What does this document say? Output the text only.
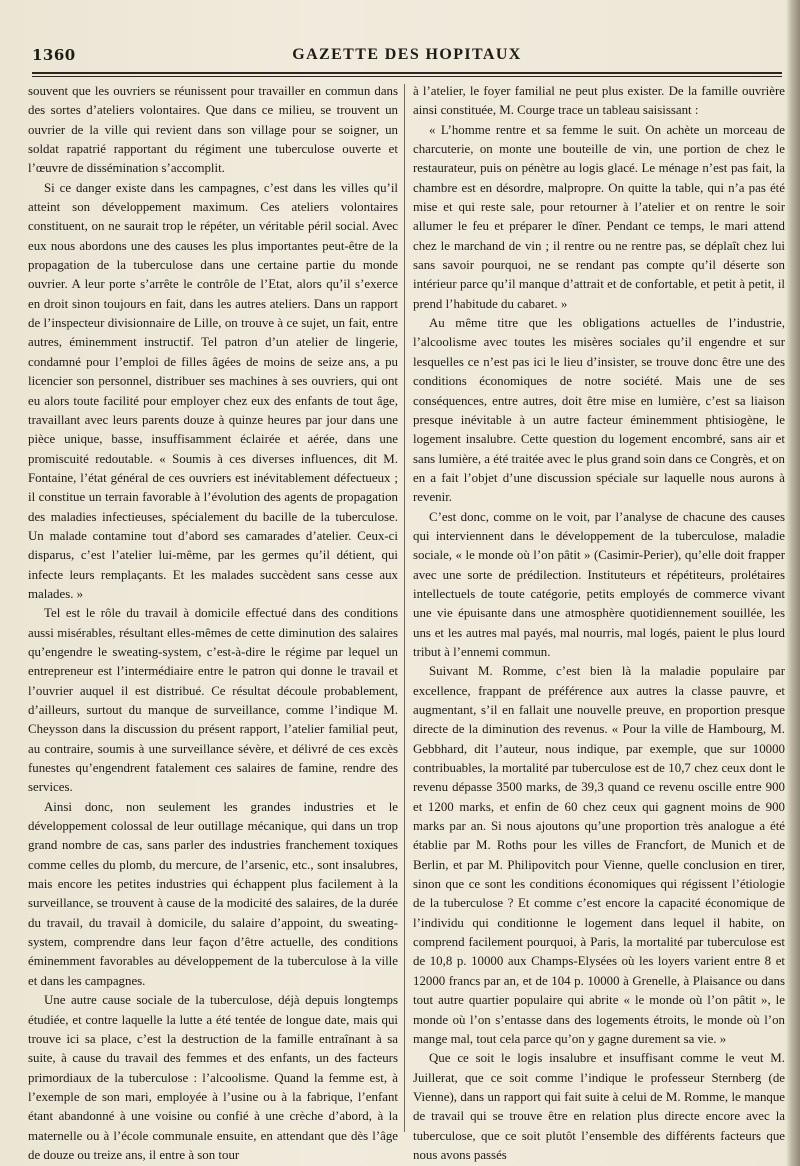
1360	GAZETTE DES HOPITAUX

souvent que les ouvriers se réunissent pour travailler en commun dans des sortes d’ateliers volontaires. Que dans ce milieu, se trouvent un ouvrier de la ville qui revient dans son village pour se soigner, un soldat rapatrié rapportant du régiment une tuberculose ouverte et l’œuvre de dissémination s’accomplit.

Si ce danger existe dans les campagnes, c’est dans les villes qu’il atteint son développement maximum. Ces ateliers volontaires constituent, on ne saurait trop le répéter, un véritable péril social. Avec eux nous abordons une des causes les plus importantes peut-être de la propagation de la tuberculose dans une certaine partie du monde ouvrier. A leur porte s’arrête le contrôle de l’Etat, alors qu’il s’exerce en droit sinon toujours en fait, dans les autres ateliers. Dans un rapport de l’inspecteur divisionnaire de Lille, on trouve à ce sujet, un fait, entre autres, éminemment instructif. Tel patron d’un atelier de lingerie, condamné pour l’emploi de filles âgées de moins de seize ans, a pu licencier son personnel, distribuer ses machines à ses ouvriers, qui ont eu alors toute facilité pour employer chez eux des enfants de tout âge, travaillant avec leurs parents douze à quinze heures par jour dans une pièce unique, basse, insuffisamment éclairée et aérée, dans une promiscuité redoutable. « Soumis à ces diverses influences, dit M. Fontaine, l’état général de ces ouvriers est inévitablement défectueux ; il constitue un terrain favorable à l’évolution des agents de propagation des maladies infectieuses, spécialement du bacille de la tuberculose. Un malade contamine tout d’abord ses camarades d’atelier. Ceux-ci disparus, c’est l’atelier lui-même, par les germes qu’il détient, qui infecte leurs remplaçants. Et les malades succèdent sans cesse aux malades. »

Tel est le rôle du travail à domicile effectué dans des conditions aussi misérables, résultant elles-mêmes de cette diminution des salaires qu’engendre le sweating-system, c’est-à-dire le régime par lequel un entrepreneur est l’intermédiaire entre le patron qui donne le travail et l’ouvrier auquel il est distribué. Ce résultat découle probablement, d’ailleurs, surtout du manque de surveillance, comme l’indique M. Cheysson dans la discussion du présent rapport, l’atelier familial peut, au contraire, soumis à une surveillance sévère, et délivré de ces excès funestes qu’engendrent fatalement ces salaires de famine, rendre des services.

Ainsi donc, non seulement les grandes industries et le développement colossal de leur outillage mécanique, qui dans un trop grand nombre de cas, sans parler des industries franchement toxiques comme celles du plomb, du mercure, de l’arsenic, etc., sont insalubres, mais encore les petites industries qui échappent plus facilement à la surveillance, se trouvent à cause de la modicité des salaires, de la durée du travail, du travail à domicile, du salaire d’appoint, du sweating-system, comprendre dans leur façon d’être actuelle, des conditions éminemment favorables au développement de la tuberculose à la ville et dans les campagnes.

Une autre cause sociale de la tuberculose, déjà depuis longtemps étudiée, et contre laquelle la lutte a été tentée de longue date, mais qui trouve ici sa place, c’est la destruction de la famille entraînant à sa suite, à cause du travail des femmes et des enfants, un des facteurs primordiaux de la tuberculose : l’alcoolisme. Quand la femme est, à l’exemple de son mari, employée à l’usine ou à la fabrique, l’enfant étant abandonné à une voisine ou confié à une crèche d’abord, à la maternelle ou à l’école communale ensuite, en attendant que dès l’âge de douze ou treize ans, il entre à son tour

à l’atelier, le foyer familial ne peut plus exister. De la famille ouvrière ainsi constituée, M. Courge trace un tableau saisissant :

« L’homme rentre et sa femme le suit. On achète un morceau de charcuterie, on monte une bouteille de vin, une portion de chez le restaurateur, puis on pénètre au logis glacé. Le ménage n’est pas fait, la chambre est en désordre, malpropre. On quitte la table, qui n’a pas été mise et qui reste sale, pour retourner à l’atelier et on rentre le soir allumer le feu et préparer le dîner. Pendant ce temps, le mari attend chez le marchand de vin ; il rentre ou ne rentre pas, se déplaît chez lui sans savoir pourquoi, ne se rendant pas compte qu’il déserte son intérieur parce qu’il manque d’attrait et de confortable, et petit à petit, il prend l’habitude du cabaret. »

Au même titre que les obligations actuelles de l’industrie, l’alcoolisme avec toutes les misères sociales qu’il engendre et sur lesquelles ce n’est pas ici le lieu d’insister, se trouve donc être une des conditions économiques de notre société. Mais une de ses conséquences, entre autres, doit être mise en lumière, c’est sa liaison presque inévitable à un autre facteur éminemment phtisiogène, le logement insalubre. Cette question du logement encombré, sans air et sans lumière, a été traitée avec le plus grand soin dans ce Congrès, et on en a fait l’objet d’une discussion spéciale sur laquelle nous aurons à revenir.

C’est donc, comme on le voit, par l’analyse de chacune des causes qui interviennent dans le développement de la tuberculose, maladie sociale, « le monde où l’on pâtit » (Casimir-Perier), qu’elle doit frapper avec une sorte de prédilection. Instituteurs et répétiteurs, prolétaires intellectuels de toute catégorie, petits employés de commerce vivant une vie épuisante dans une atmosphère quotidiennement souillée, les uns et les autres mal payés, mal nourris, mal logés, paient le plus lourd tribut à l’ennemi commun.

Suivant M. Romme, c’est bien là la maladie populaire par excellence, frappant de préférence aux autres la classe pauvre, et augmentant, s’il en fallait une nouvelle preuve, en proportion presque directe de la diminution des revenus. « Pour la ville de Hambourg, M. Gebbhard, dit l’auteur, nous indique, par exemple, que sur 10000 contribuables, la mortalité par tuberculose est de 10,7 chez ceux dont le revenu dépasse 3500 marks, de 39,3 quand ce revenu oscille entre 900 et 1200 marks, et enfin de 60 chez ceux qui gagnent moins de 900 marks par an. Si nous ajoutons qu’une proportion très analogue a été établie par M. Roths pour les villes de Francfort, de Munich et de Berlin, et par M. Philipovitch pour Vienne, quelle conclusion en tirer, sinon que ce sont les conditions économiques qui régissent l’étiologie de la tuberculose ? Et comme c’est encore la capacité économique de l’individu qui conditionne le logement dans lequel il habite, on comprend facilement pourquoi, à Paris, la mortalité par tuberculose est de 10,8 p. 10000 aux Champs-Elysées où les loyers varient entre 8 et 12000 francs par an, et de 104 p. 10000 à Grenelle, à Plaisance ou dans tout autre quartier populaire qui abrite « le monde où l’on pâtit », le monde où l’on s’entasse dans des logements étroits, le monde où l’on mange mal, tout cela parce qu’on y gagne durement sa vie. »

Que ce soit le logis insalubre et insuffisant comme le veut M. Juillerat, que ce soit comme l’indique le professeur Sternberg (de Vienne), dans un rapport qui fait suite à celui de M. Romme, le manque de travail qui se trouve être en relation plus directe encore avec la tuberculose, que ce soit plutôt l’ensemble des différents facteurs que nous avons passés
